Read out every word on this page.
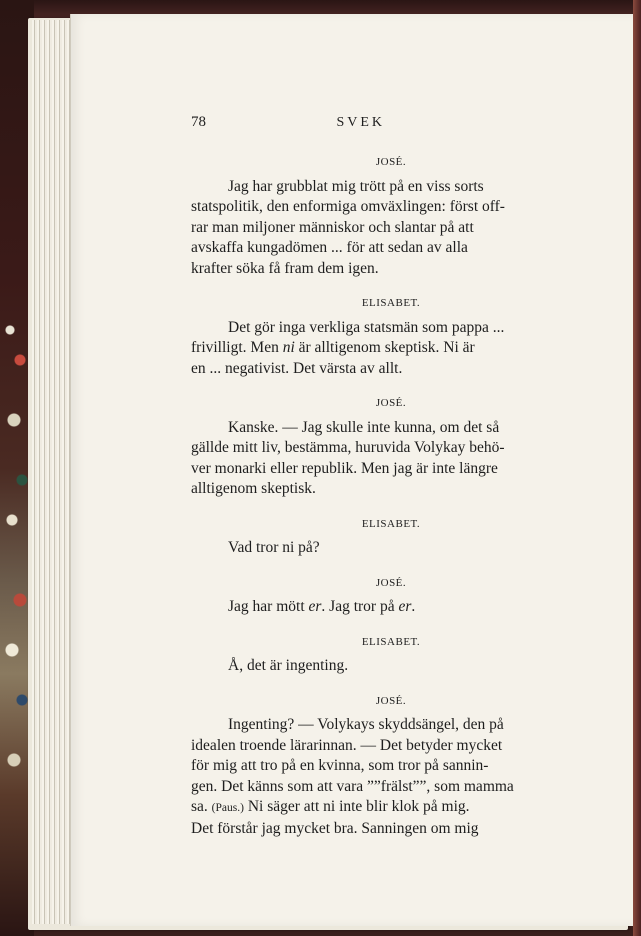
78	SVEK
JOSÉ.

Jag har grubblat mig trött på en viss sorts

statspolitik, den enformiga omväxlingen: först off-

rar man miljoner människor och slantar på att

avskaffa kungadömen ... för att sedan av alla

krafter söka få fram dem igen.

ELISABET.

Det gör inga verkliga statsmän som pappa ...

frivilligt. Men ni är alltigenom skeptisk. Ni är

en ... negativist. Det värsta av allt.

JOSÉ.

Kanske. — Jag skulle inte kunna, om det så

gällde mitt liv, bestämma, huruvida Volykay behö-

ver monarki eller republik. Men jag är inte längre

alltigenom skeptisk.

ELISABET.

Vad tror ni på?

JOSÉ.

Jag har mött er. Jag tror på er.

ELISABET.

Å, det är ingenting.

JOSÉ.

Ingenting? — Volykays skyddsängel, den på

idealen troende lärarinnan. — Det betyder mycket

för mig att tro på en kvinna, som tror på sannin-

gen. Det känns som att vara ””frälst””, som mamma

sa. (Paus.) Ni säger att ni inte blir klok på mig.

Det förstår jag mycket bra. Sanningen om mig
